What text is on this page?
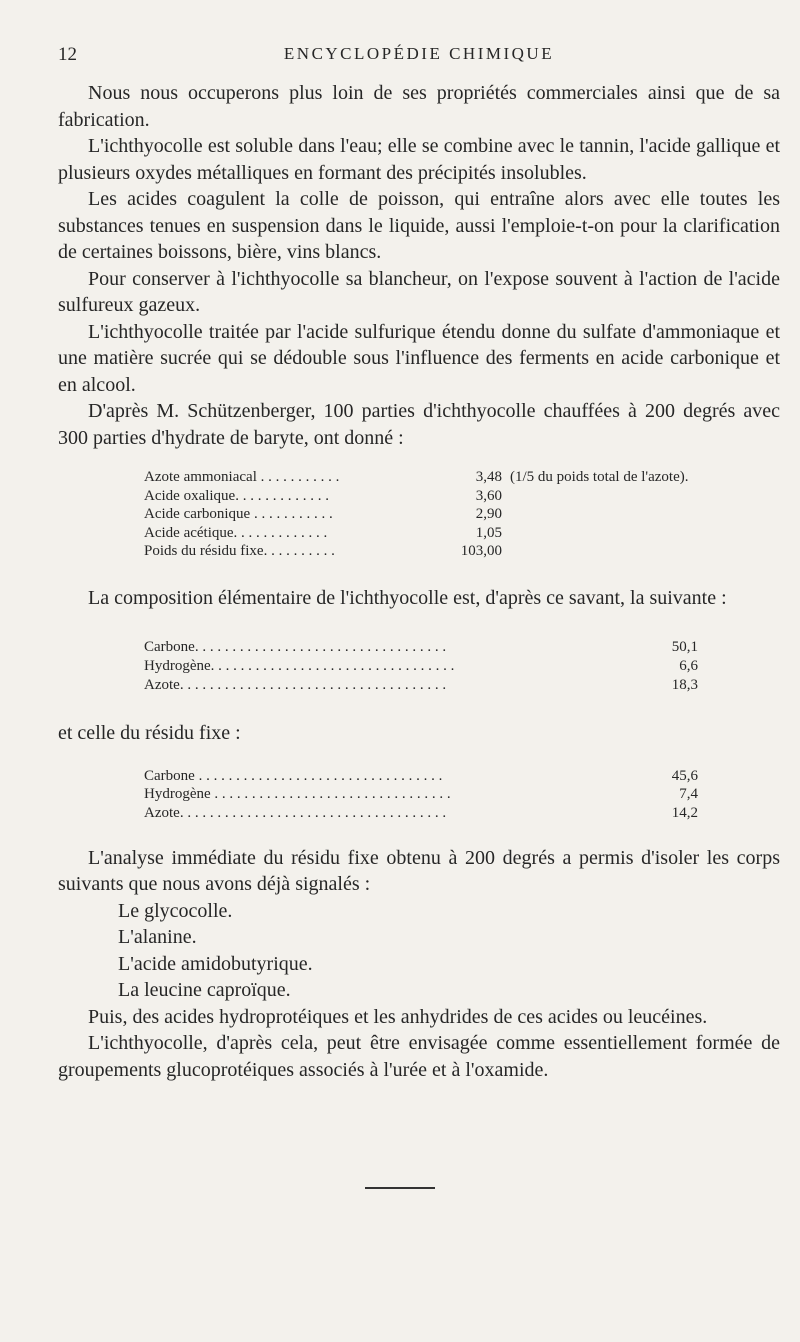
12	ENCYCLOPÉDIE CHIMIQUE

Nous nous occuperons plus loin de ses propriétés commerciales ainsi que de sa fabrication.

L'ichthyocolle est soluble dans l'eau; elle se combine avec le tannin, l'acide gallique et plusieurs oxydes métalliques en formant des précipités insolubles.

Les acides coagulent la colle de poisson, qui entraîne alors avec elle toutes les substances tenues en suspension dans le liquide, aussi l'emploie-t-on pour la clarification de certaines boissons, bière, vins blancs.

Pour conserver à l'ichthyocolle sa blancheur, on l'expose souvent à l'action de l'acide sulfureux gazeux.

L'ichthyocolle traitée par l'acide sulfurique étendu donne du sulfate d'ammoniaque et une matière sucrée qui se dédouble sous l'influence des ferments en acide carbonique et en alcool.

D'après M. Schützenberger, 100 parties d'ichthyocolle chauffées à 200 degrés avec 300 parties d'hydrate de baryte, ont donné :

Azote ammoniacal . . . . . . . . . . .	3,48 (1/5 du poids total de l'azote).
Acide oxalique. . . . . . . . . . . . .	3,60
Acide carbonique . . . . . . . . . . .	2,90
Acide acétique. . . . . . . . . . . . .	1,05
Poids du résidu fixe. . . . . . . . . .	103,00

La composition élémentaire de l'ichthyocolle est, d'après ce savant, la suivante :

Carbone. . . . . . . . . . . . . . . . . . . . . . . . . . . . . . . . . .	50,1
Hydrogène. . . . . . . . . . . . . . . . . . . . . . . . . . . . . . . . .	6,6
Azote. . . . . . . . . . . . . . . . . . . . . . . . . . . . . . . . . . . .	18,3

et celle du résidu fixe :

Carbone . . . . . . . . . . . . . . . . . . . . . . . . . . . . . . . . .	45,6
Hydrogène . . . . . . . . . . . . . . . . . . . . . . . . . . . . . . . .	7,4
Azote. . . . . . . . . . . . . . . . . . . . . . . . . . . . . . . . . . . .	14,2

L'analyse immédiate du résidu fixe obtenu à 200 degrés a permis d'isoler les corps suivants que nous avons déjà signalés :

Le glycocolle.

L'alanine.

L'acide amidobutyrique.

La leucine caproïque.

Puis, des acides hydroprotéiques et les anhydrides de ces acides ou leucéines.

L'ichthyocolle, d'après cela, peut être envisagée comme essentiellement formée de groupements glucoprotéiques associés à l'urée et à l'oxamide.
